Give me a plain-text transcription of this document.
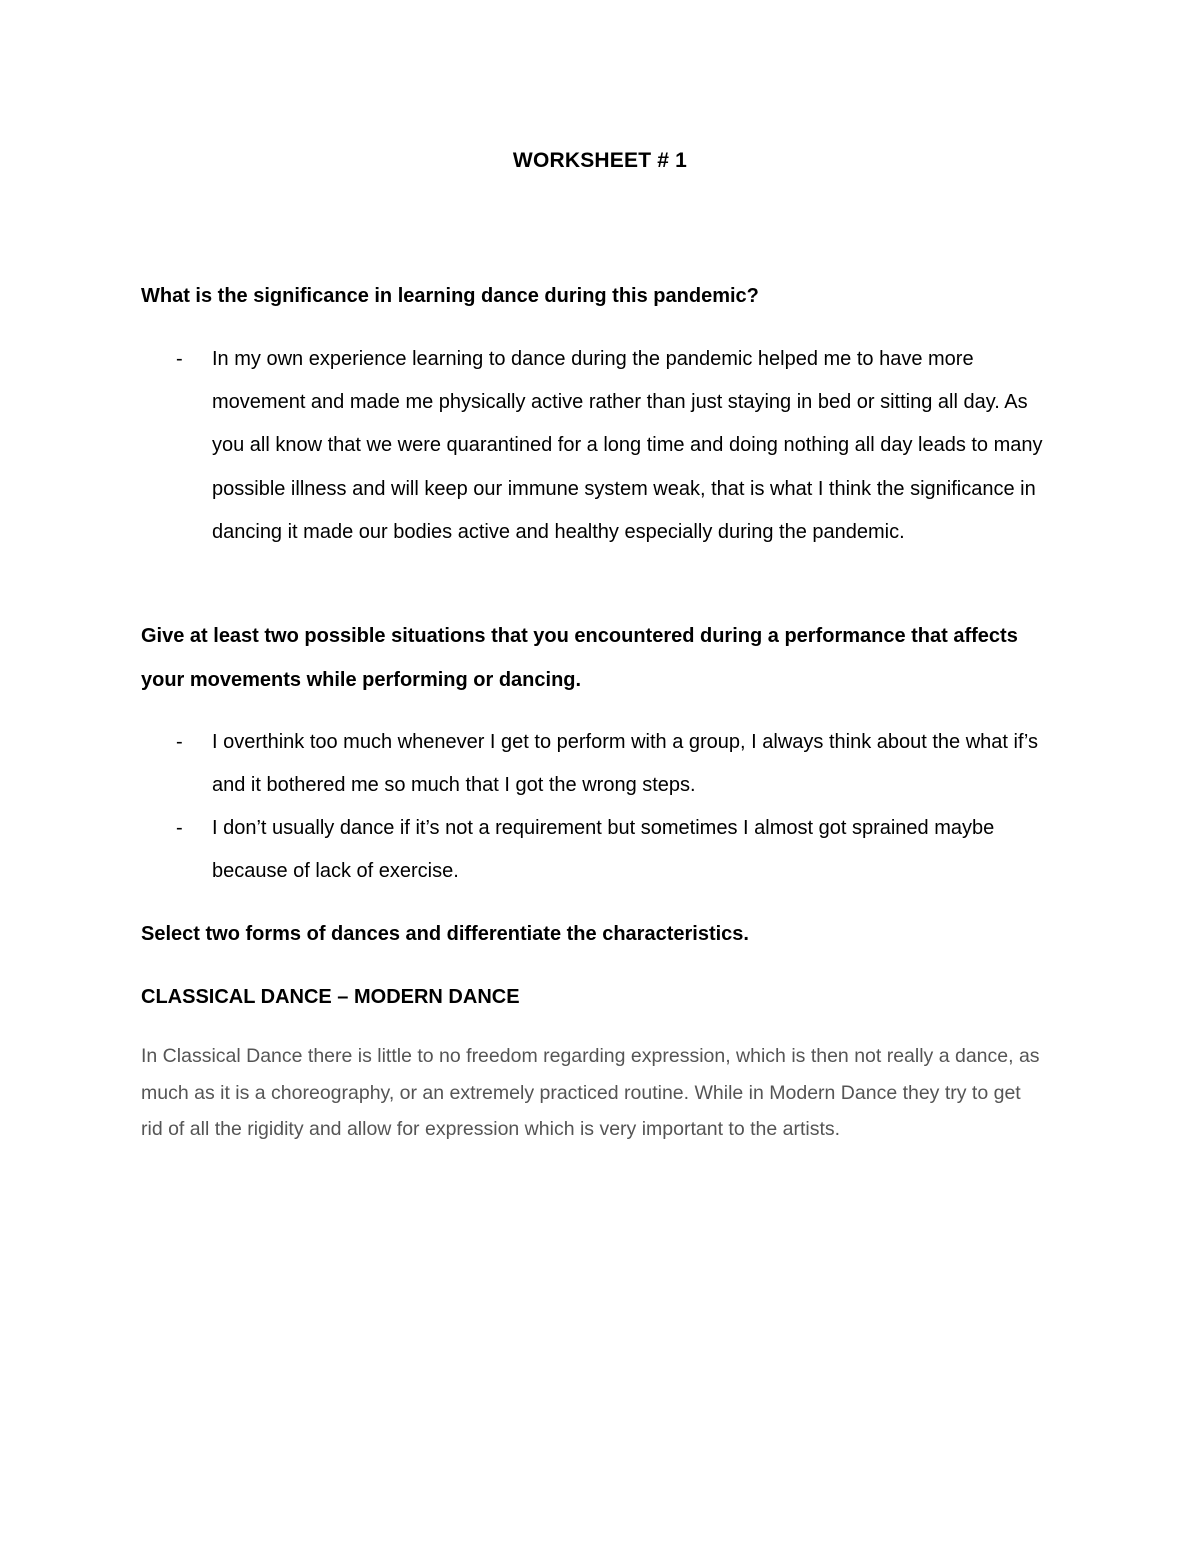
WORKSHEET # 1
What is the significance in learning dance during this pandemic?
- In my own experience learning to dance during the pandemic helped me to have more movement and made me physically active rather than just staying in bed or sitting all day. As you all know that we were quarantined for a long time and doing nothing all day leads to many possible illness and will keep our immune system weak, that is what I think the significance in dancing it made our bodies active and healthy especially during the pandemic.
Give at least two possible situations that you encountered during a performance that affects your movements while performing or dancing.
- I overthink too much whenever I get to perform with a group, I always think about the what if’s and it bothered me so much that I got the wrong steps.
- I don’t usually dance if it’s not a requirement but sometimes I almost got sprained maybe because of lack of exercise.
Select two forms of dances and differentiate the characteristics.
CLASSICAL DANCE – MODERN DANCE
In Classical Dance there is little to no freedom regarding expression, which is then not really a dance, as much as it is a choreography, or an extremely practiced routine. While in Modern Dance they try to get rid of all the rigidity and allow for expression which is very important to the artists.
